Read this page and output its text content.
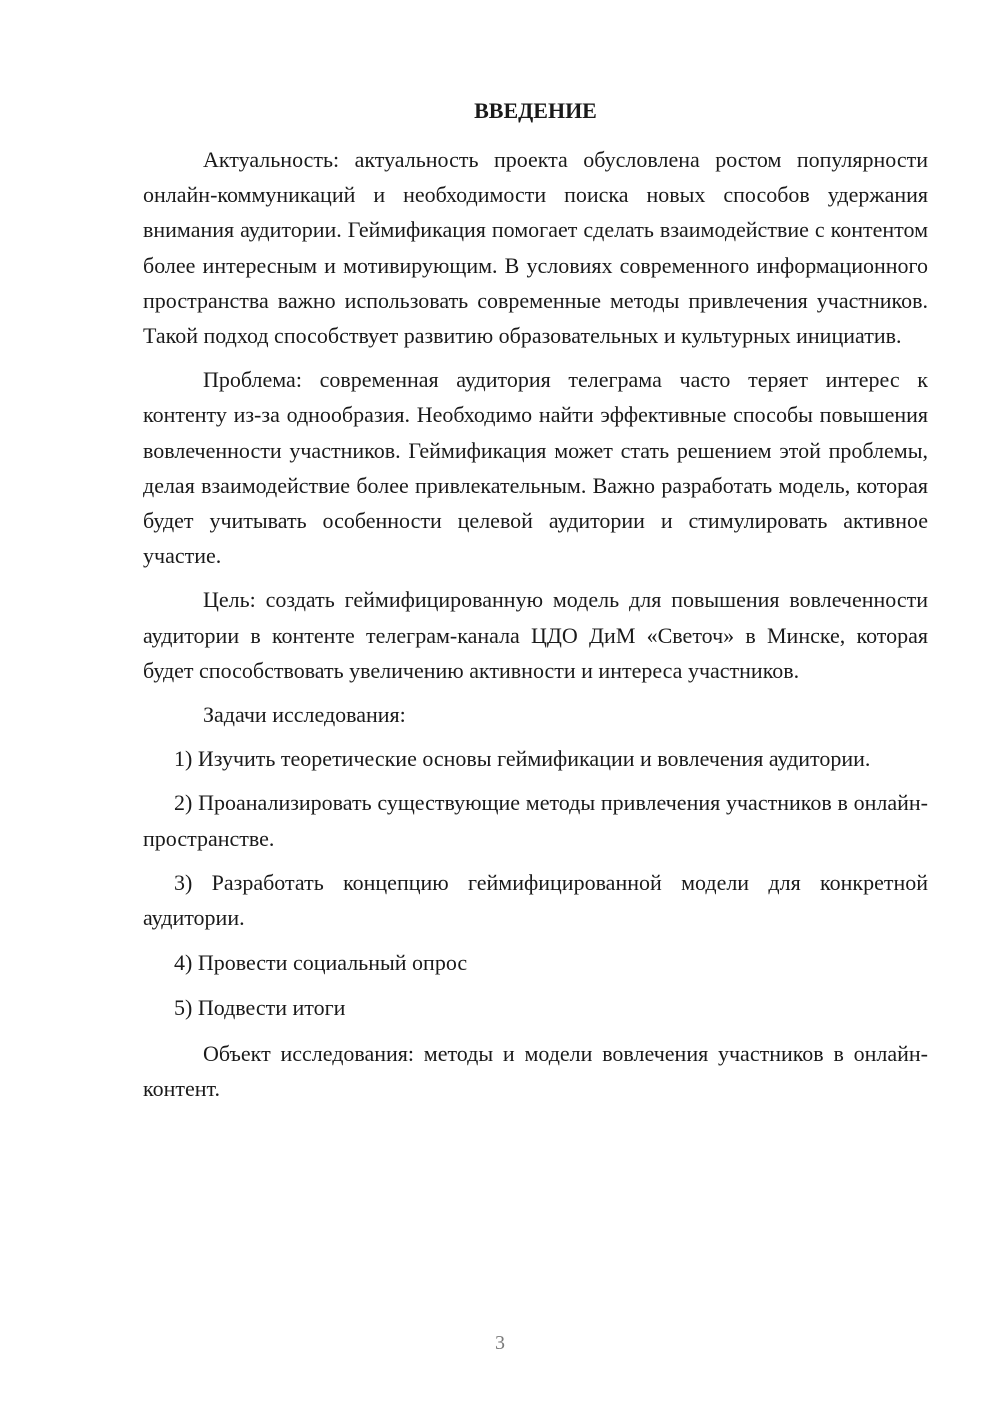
ВВЕДЕНИЕ

Актуальность: актуальность проекта обусловлена ростом популярности онлайн-коммуникаций и необходимости поиска новых способов удержания внимания аудитории. Геймификация помогает сделать взаимодействие с контентом более интересным и мотивирующим. В условиях современного информационного пространства важно использовать современные методы привлечения участников. Такой подход способствует развитию образовательных и культурных инициатив.

Проблема: современная аудитория телеграма часто теряет интерес к контенту из-за однообразия. Необходимо найти эффективные способы повышения вовлеченности участников. Геймификация может стать решением этой проблемы, делая взаимодействие более привлекательным. Важно разработать модель, которая будет учитывать особенности целевой аудитории и стимулировать активное участие.

Цель: создать геймифицированную модель для повышения вовлеченности аудитории в контенте телеграм-канала ЦДО ДиМ «Светоч» в Минске, которая будет способствовать увеличению активности и интереса участников.

Задачи исследования:

1) Изучить теоретические основы геймификации и вовлечения аудитории.

2) Проанализировать существующие методы привлечения участников в онлайн-пространстве.

3) Разработать концепцию геймифицированной модели для конкретной аудитории.

4) Провести социальный опрос

5) Подвести итоги

Объект исследования: методы и модели вовлечения участников в онлайн-контент.

3
